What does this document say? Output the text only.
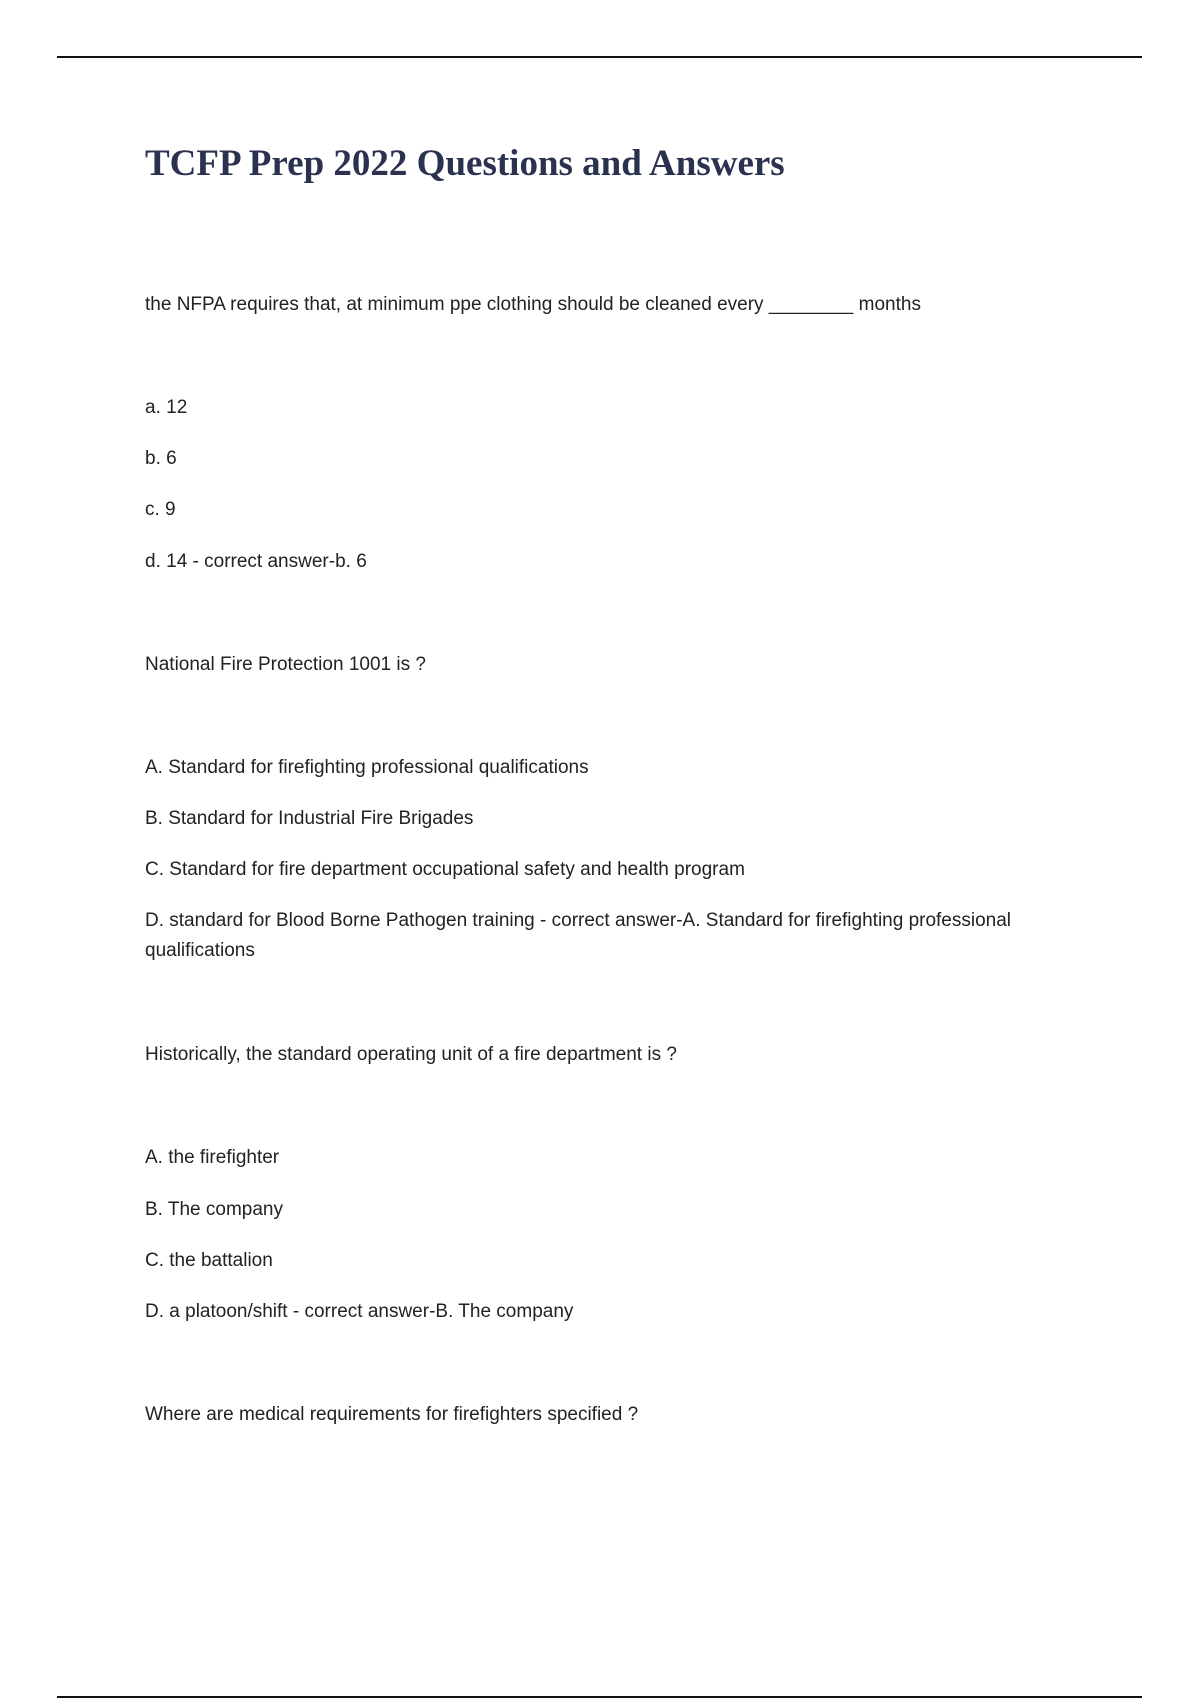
TCFP Prep 2022 Questions and Answers

the NFPA requires that, at minimum ppe clothing should be cleaned every ________ months

a. 12

b. 6

c. 9

d. 14 - correct answer-b. 6

National Fire Protection 1001 is ?

A. Standard for firefighting professional qualifications

B. Standard for Industrial Fire Brigades

C. Standard for fire department occupational safety and health program

D. standard for Blood Borne Pathogen training - correct answer-A. Standard for firefighting professional qualifications

Historically, the standard operating unit of a fire department is ?

A. the firefighter

B. The company

C. the battalion

D. a platoon/shift - correct answer-B. The company

Where are medical requirements for firefighters specified ?
